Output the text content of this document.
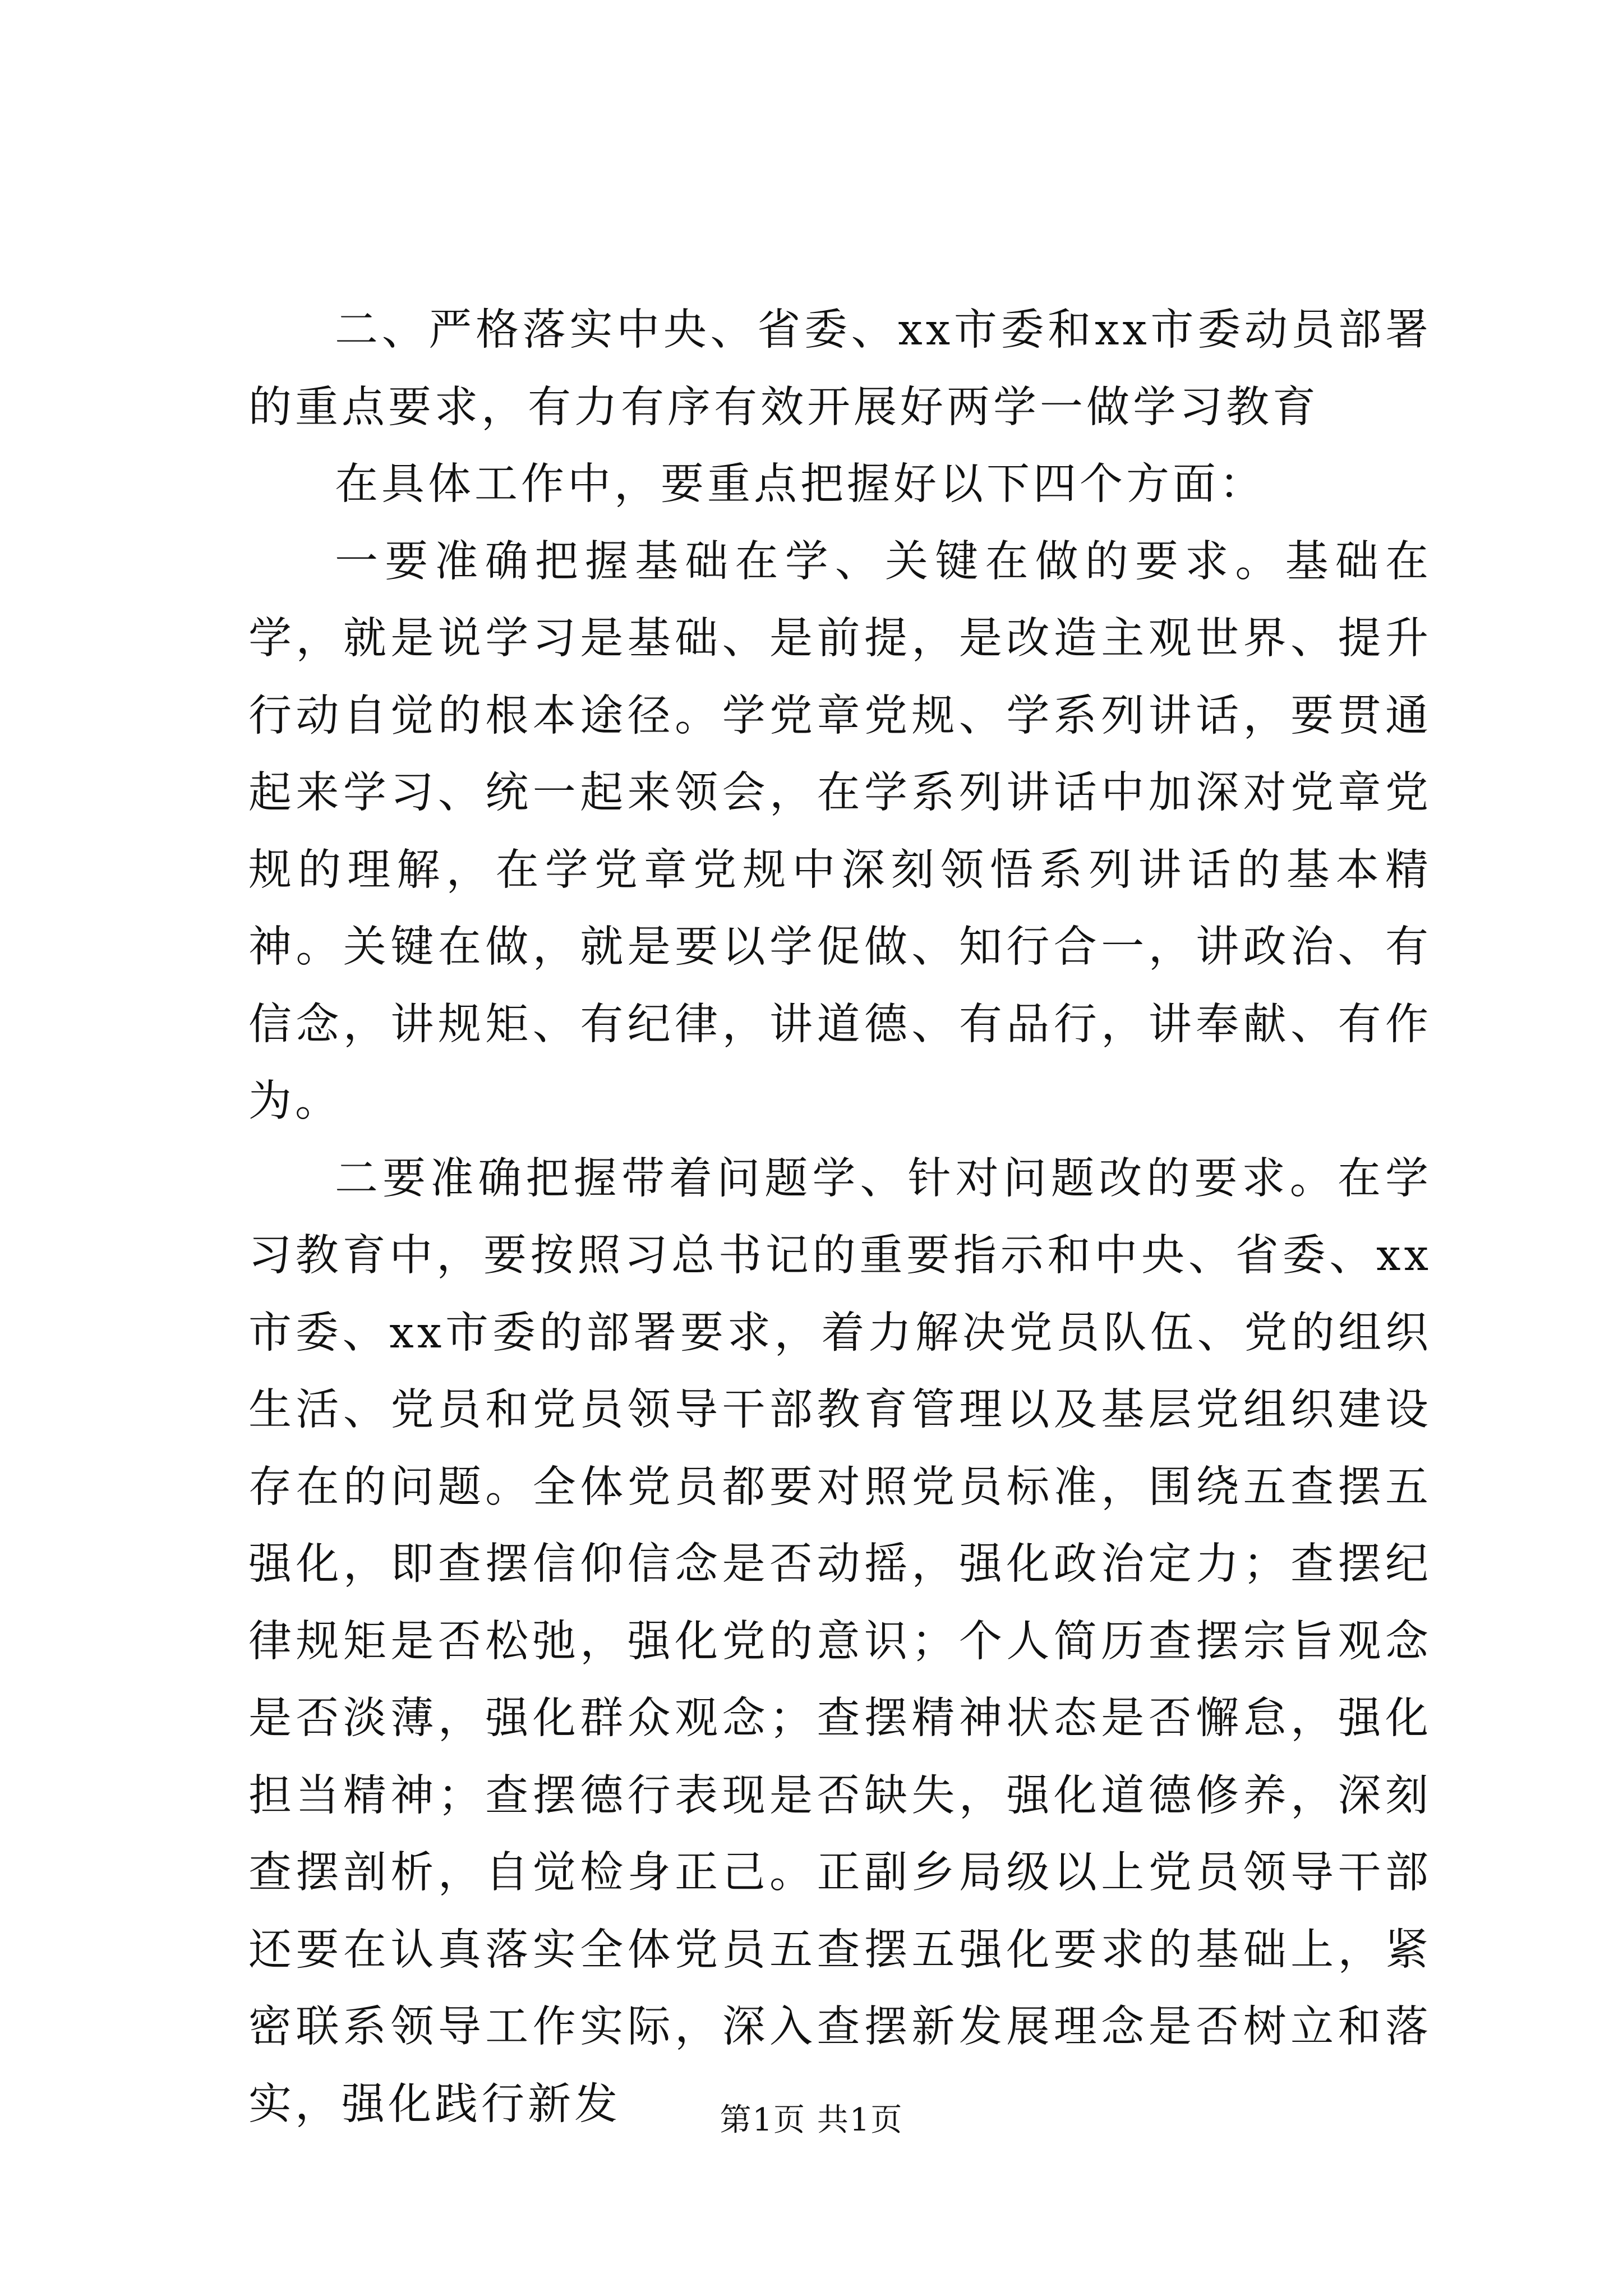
二、严格落实中央、省委、xx市委和xx市委动员部署的重点要求，有力有序有效开展好两学一做学习教育

在具体工作中，要重点把握好以下四个方面：

一要准确把握基础在学、关键在做的要求。基础在学，就是说学习是基础、是前提，是改造主观世界、提升行动自觉的根本途径。学党章党规、学系列讲话，要贯通起来学习、统一起来领会，在学系列讲话中加深对党章党规的理解，在学党章党规中深刻领悟系列讲话的基本精神。关键在做，就是要以学促做、知行合一，讲政治、有信念，讲规矩、有纪律，讲道德、有品行，讲奉献、有作为。

二要准确把握带着问题学、针对问题改的要求。在学习教育中，要按照习总书记的重要指示和中央、省委、xx市委、xx市委的部署要求，着力解决党员队伍、党的组织生活、党员和党员领导干部教育管理以及基层党组织建设存在的问题。全体党员都要对照党员标准，围绕五查摆五强化，即查摆信仰信念是否动摇，强化政治定力；查摆纪律规矩是否松弛，强化党的意识；个人简历查摆宗旨观念是否淡薄，强化群众观念；查摆精神状态是否懈怠，强化担当精神；查摆德行表现是否缺失，强化道德修养，深刻查摆剖析，自觉检身正己。正副乡局级以上党员领导干部还要在认真落实全体党员五查摆五强化要求的基础上，紧密联系领导工作实际，深入查摆新发展理念是否树立和落实，强化践行新发	第1页 共1页
